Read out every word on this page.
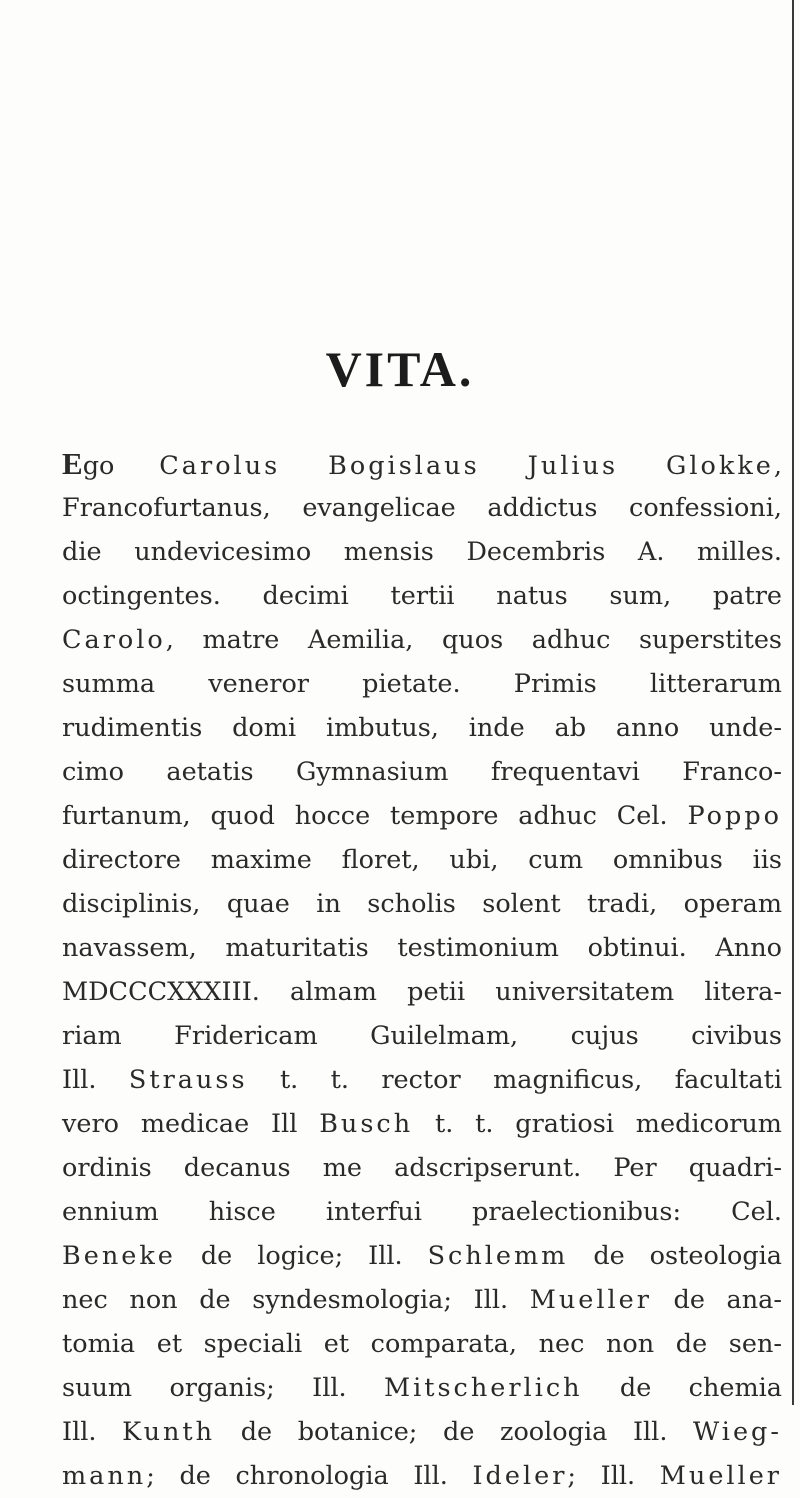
VITA.
Ego Carolus Bogislaus Julius Glokke,
Francofurtanus, evangelicae addictus confessioni,
die undevicesimo mensis Decembris A. milles.
octingentes. decimi tertii natus sum, patre
Carolo, matre Aemilia, quos adhuc superstites
summa veneror pietate. Primis litterarum
rudimentis domi imbutus, inde ab anno unde-
cimo aetatis Gymnasium frequentavi Franco-
furtanum, quod hocce tempore adhuc Cel. Poppo
directore maxime floret, ubi, cum omnibus iis
disciplinis, quae in scholis solent tradi, operam
navassem, maturitatis testimonium obtinui. Anno
MDCCCXXXIII. almam petii universitatem litera-
riam Fridericam Guilelmam, cujus civibus
Ill. Strauss t. t. rector magnificus, facultati
vero medicae Ill Busch t. t. gratiosi medicorum
ordinis decanus me adscripserunt. Per quadri-
ennium hisce interfui praelectionibus: Cel.
Beneke de logice; Ill. Schlemm de osteologia
nec non de syndesmologia; Ill. Mueller de ana-
tomia et speciali et comparata, nec non de sen-
suum organis; Ill. Mitscherlich de chemia
Ill. Kunth de botanice; de zoologia Ill. Wieg-
mann; de chronologia Ill. Ideler; Ill. Mueller
